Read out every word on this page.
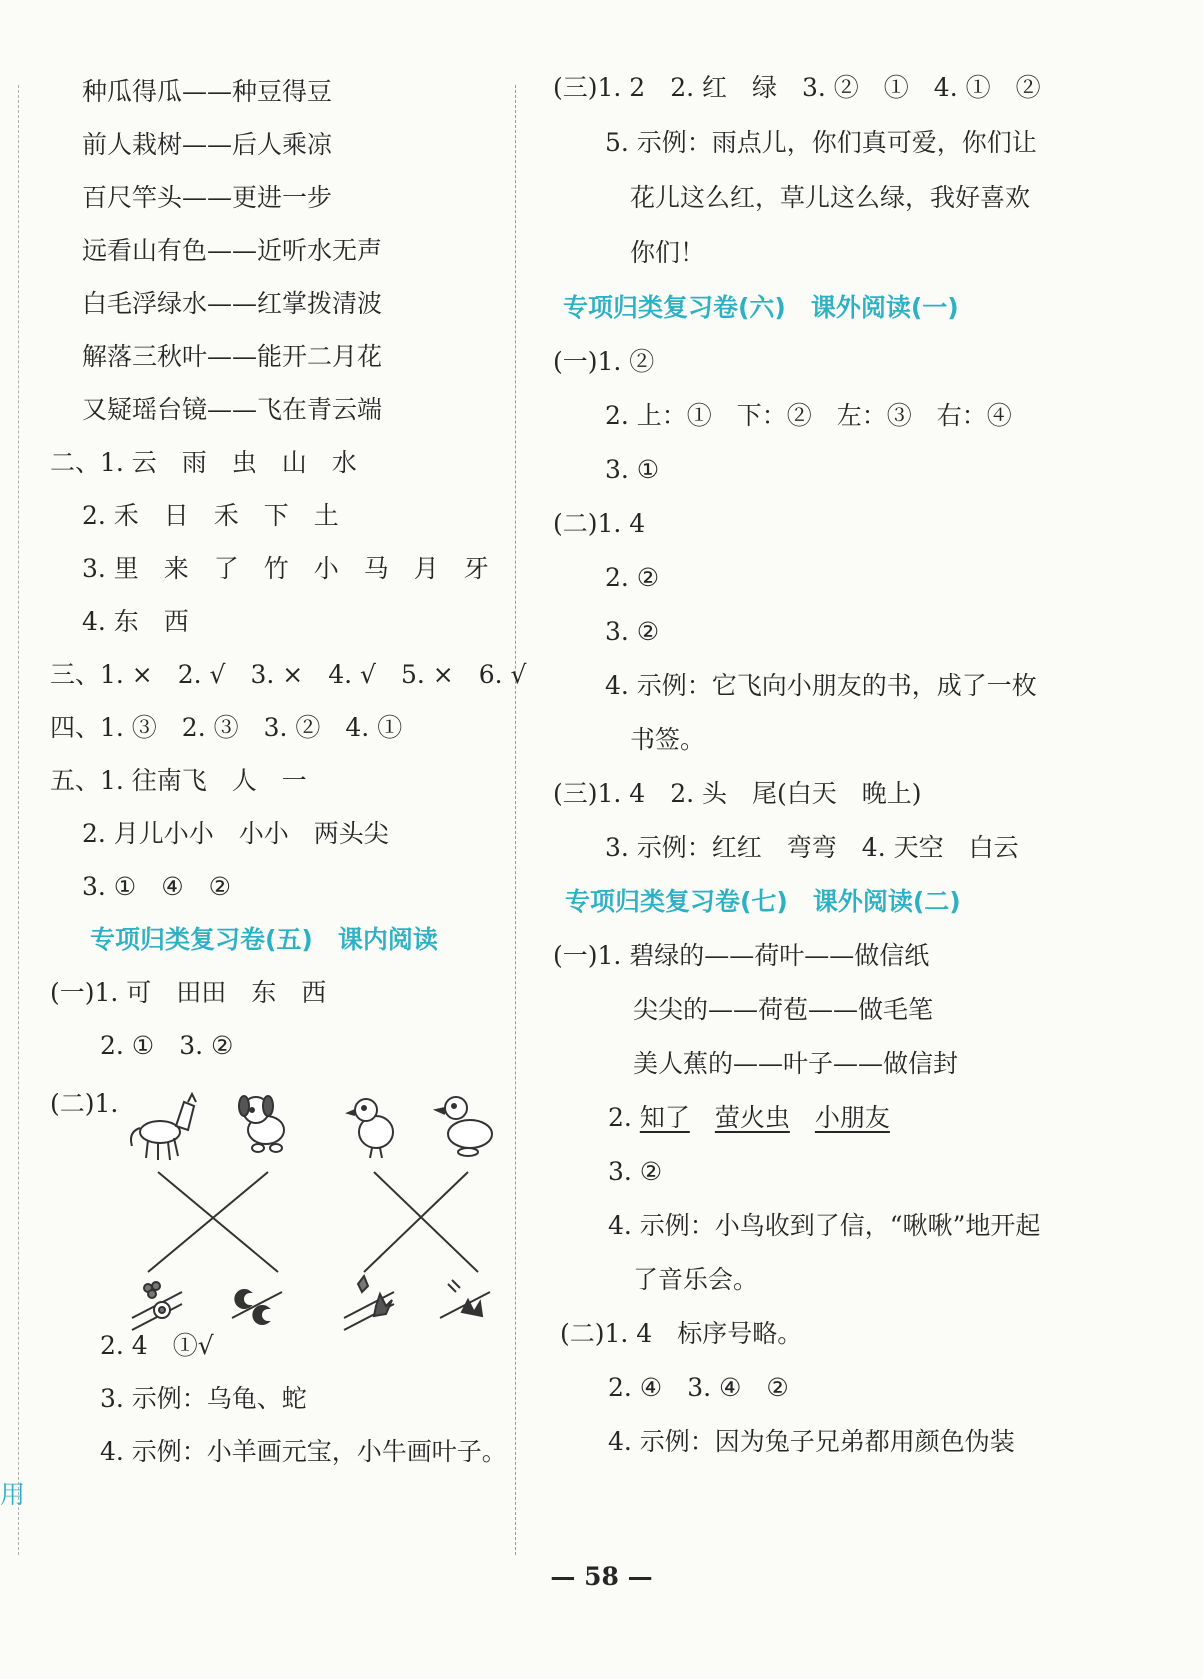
用
种瓜得瓜——种豆得豆
前人栽树——后人乘凉
百尺竿头——更进一步
远看山有色——近听水无声
白毛浮绿水——红掌拨清波
解落三秋叶——能开二月花
又疑瑶台镜——飞在青云端
二、1. 云　雨　虫　山　水
2. 禾　日　禾　下　土
3. 里　来　了　竹　小　马　月　牙
4. 东　西
三、1. ×　2. √　3. ×　4. √　5. ×　6. √
四、1. ③　2. ③　3. ②　4. ①
五、1. 往南飞　人　一
2. 月儿小小　小小　两头尖
3. ①　④　②
专项归类复习卷(五)　课内阅读
(一)1. 可　田田　东　西
2. ①　3. ②
(二)1.
2. 4　①√
3. 示例：乌龟、蛇
4. 示例：小羊画元宝，小牛画叶子。
(三)1. 2　2. 红　绿　3. ②　①　4. ①　②
5. 示例：雨点儿，你们真可爱，你们让
花儿这么红，草儿这么绿，我好喜欢
你们！
专项归类复习卷(六)　课外阅读(一)
(一)1. ②
2. 上：①　下：②　左：③　右：④
3. ①
(二)1. 4
2. ②
3. ②
4. 示例：它飞向小朋友的书，成了一枚
书签。
(三)1. 4　2. 头　尾(白天　晚上)
3. 示例：红红　弯弯　4. 天空　白云
专项归类复习卷(七)　课外阅读(二)
(一)1. 碧绿的——荷叶——做信纸
尖尖的——荷苞——做毛笔
美人蕉的——叶子——做信封
2. 知了　 萤火虫　 小朋友
3. ②
4. 示例：小鸟收到了信，“啾啾”地开起
了音乐会。
(二)1. 4　标序号略。
2. ④　3. ④　②
4. 示例：因为兔子兄弟都用颜色伪装
— 58 —
